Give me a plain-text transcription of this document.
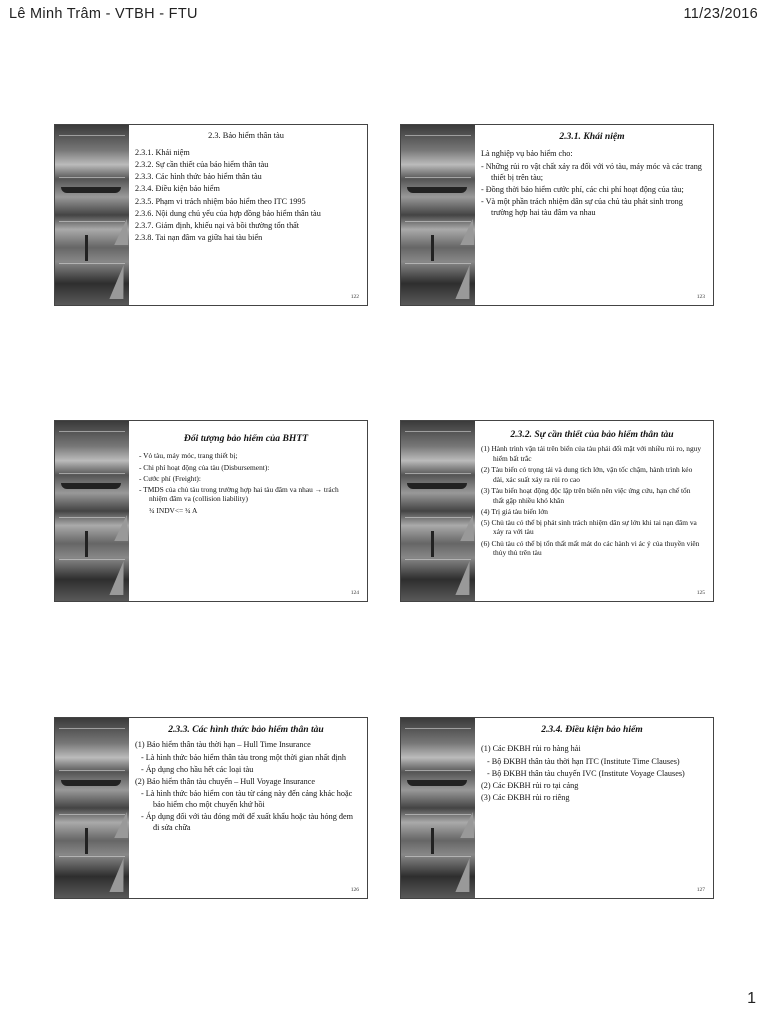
Lê Minh Trâm - VTBH - FTU	11/23/2016
2.3. Bảo hiểm thân tàu
2.3.1. Khái niệm
2.3.2. Sự cần thiết của bảo hiểm thân tàu
2.3.3. Các hình thức bảo hiểm thân tàu
2.3.4. Điều kiện bảo hiểm
2.3.5. Phạm vi trách nhiệm bảo hiểm theo ITC 1995
2.3.6. Nội dung chủ yếu của hợp đồng bảo hiểm thân tàu
2.3.7. Giám định, khiếu nại và bồi thường tổn thất
2.3.8. Tai nạn đâm va giữa hai tàu biển
122
2.3.1. Khái niệm
Là nghiệp vụ bảo hiểm cho:
- Những rủi ro vật chất xảy ra đối với vỏ tàu, máy móc và các trang thiết bị trên tàu;
- Đồng thời bảo hiểm cước phí, các chi phí hoạt động của tàu;
- Và một phần trách nhiệm dân sự của chủ tàu phát sinh trong trường hợp hai tàu đâm va nhau
123
Đối tượng bảo hiểm của BHTT
- Vỏ tàu, máy móc, trang thiết bị;
- Chi phí hoạt động của tàu (Disbursement):
- Cước phí (Freight):
- TMDS của chủ tàu trong trường hợp hai tàu đâm va nhau → trách nhiệm đâm va (collision liability)
¾ INDV<= ¾ A
124
2.3.2. Sự cần thiết của bảo hiểm thân tàu
(1) Hành trình vận tải trên biển của tàu phải đối mặt với nhiều rủi ro, nguy hiểm bất trắc
(2) Tàu biển có trọng tải và dung tích lớn, vận tốc chậm, hành trình kéo dài, xác suất xảy ra rủi ro cao
(3) Tàu biển hoạt động độc lập trên biển nên việc ứng cứu, hạn chế tổn thất gặp nhiều khó khăn
(4) Trị giá tàu biển lớn
(5) Chủ tàu có thể bị phát sinh trách nhiệm dân sự lớn khi tai nạn đâm va xảy ra với tàu
(6) Chủ tàu có thể bị tổn thất mất mát do các hành vi ác ý của thuyền viên thủy thủ trên tàu
125
2.3.3. Các hình thức bảo hiểm thân tàu
(1) Bảo hiểm thân tàu thời hạn – Hull Time Insurance
- Là hình thức bảo hiểm thân tàu trong một thời gian nhất định
- Áp dụng cho hầu hết các loại tàu
(2) Bảo hiểm thân tàu chuyến – Hull Voyage Insurance
- Là hình thức bảo hiểm con tàu từ cảng này đến cảng khác hoặc bảo hiểm cho một chuyến khứ hồi
- Áp dụng đối với tàu đóng mới để xuất khẩu hoặc tàu hỏng đem đi sửa chữa
126
2.3.4. Điều kiện bảo hiểm
(1) Các ĐKBH rủi ro hàng hải
- Bộ ĐKBH thân tàu thời hạn ITC (Institute Time Clauses)
- Bộ ĐKBH thân tàu chuyến IVC (Institute Voyage Clauses)
(2) Các ĐKBH rủi ro tại cảng
(3) Các ĐKBH rủi ro riêng
127
1
